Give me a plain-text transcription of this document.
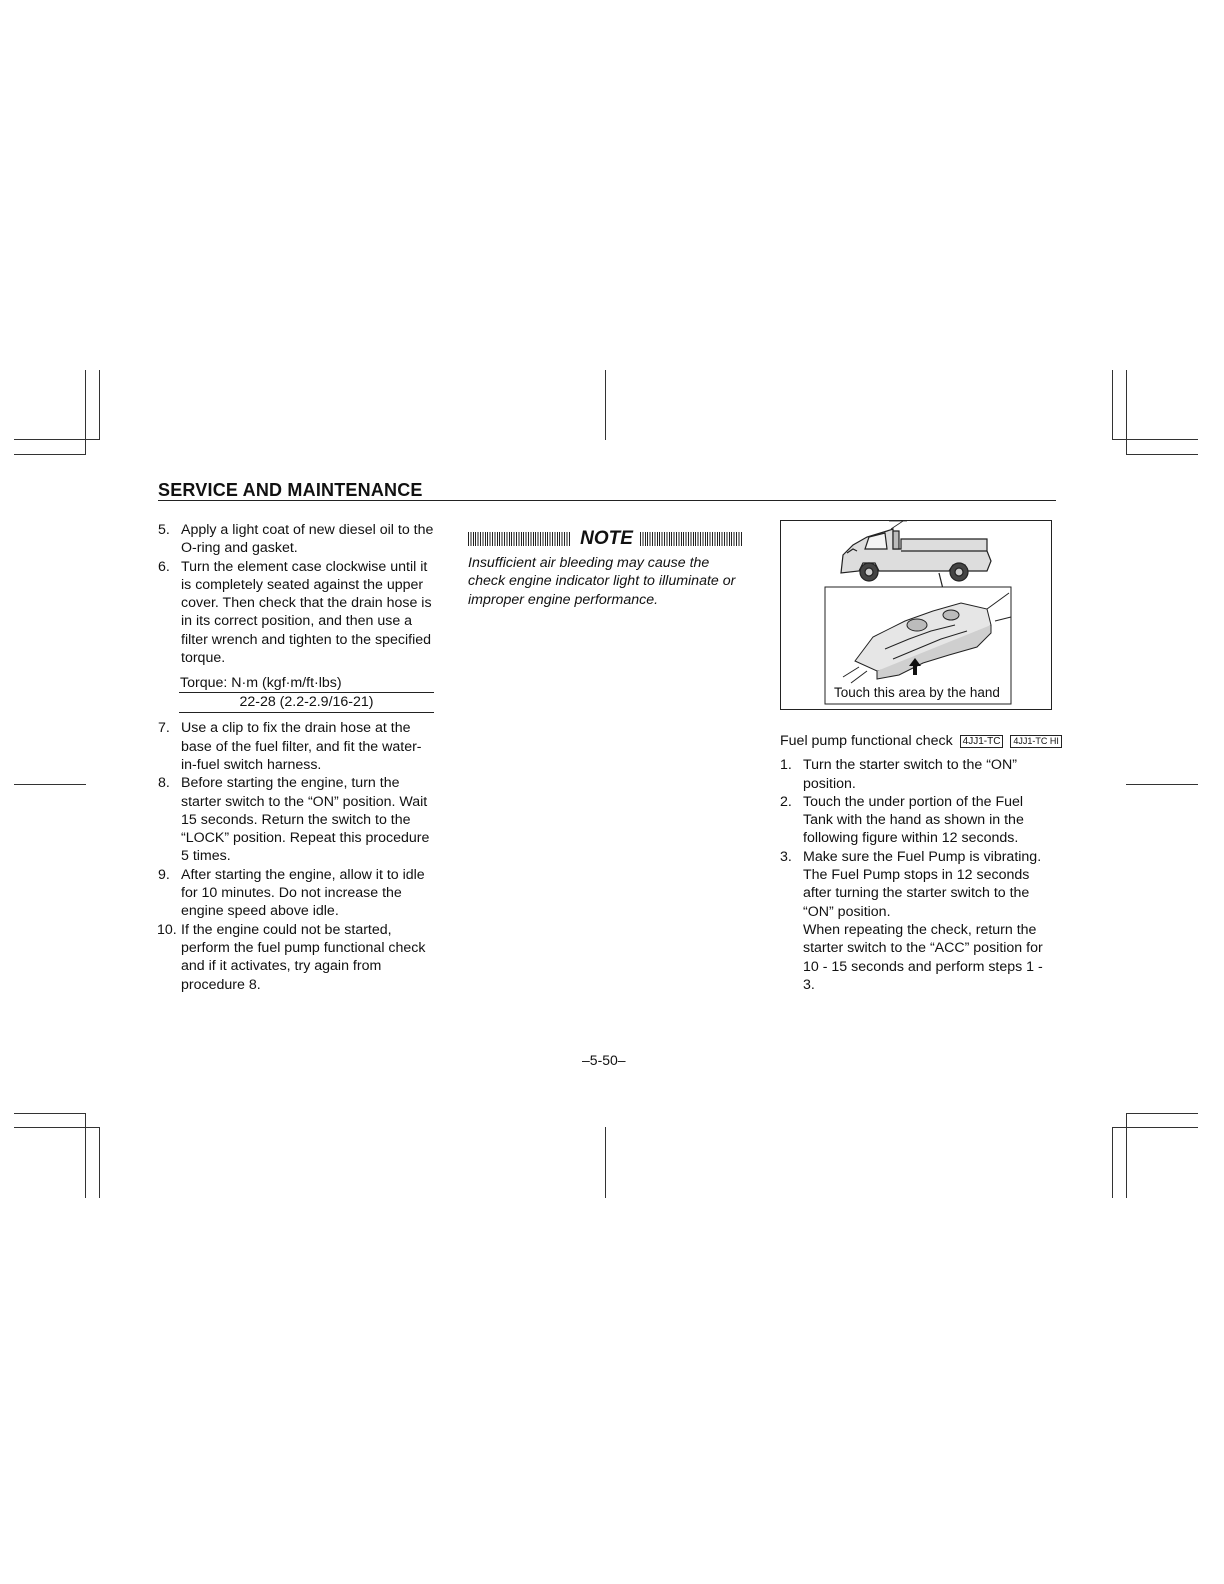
SERVICE AND MAINTENANCE
5. Apply a light coat of new diesel oil to the O-ring and gasket.
6. Turn the element case clockwise until it is completely seated against the upper cover. Then check that the drain hose is in its correct position, and then use a filter wrench and tighten to the specified torque.
Torque: N·m (kgf·m/ft·lbs)
22-28 (2.2-2.9/16-21)
7. Use a clip to fix the drain hose at the base of the fuel filter, and fit the water-in-fuel switch harness.
8. Before starting the engine, turn the starter switch to the “ON” position. Wait 15 seconds. Return the switch to the “LOCK” position. Repeat this procedure 5 times.
9. After starting the engine, allow it to idle for 10 minutes. Do not increase the engine speed above idle.
10. If the engine could not be started, perform the fuel pump functional check and if it activates, try again from procedure 8.
NOTE
Insufficient air bleeding may cause the check engine indicator light to illuminate or improper engine performance.
Touch this area by the hand
Fuel pump functional check 4JJ1-TC 4JJ1-TC HI
1. Turn the starter switch to the “ON” position.
2. Touch the under portion of the Fuel Tank with the hand as shown in the following figure within 12 seconds.
3. Make sure the Fuel Pump is vibrating. The Fuel Pump stops in 12 seconds after turning the starter switch to the “ON” position.
When repeating the check, return the starter switch to the “ACC” position for 10 - 15 seconds and perform steps 1 - 3.
–5-50–
